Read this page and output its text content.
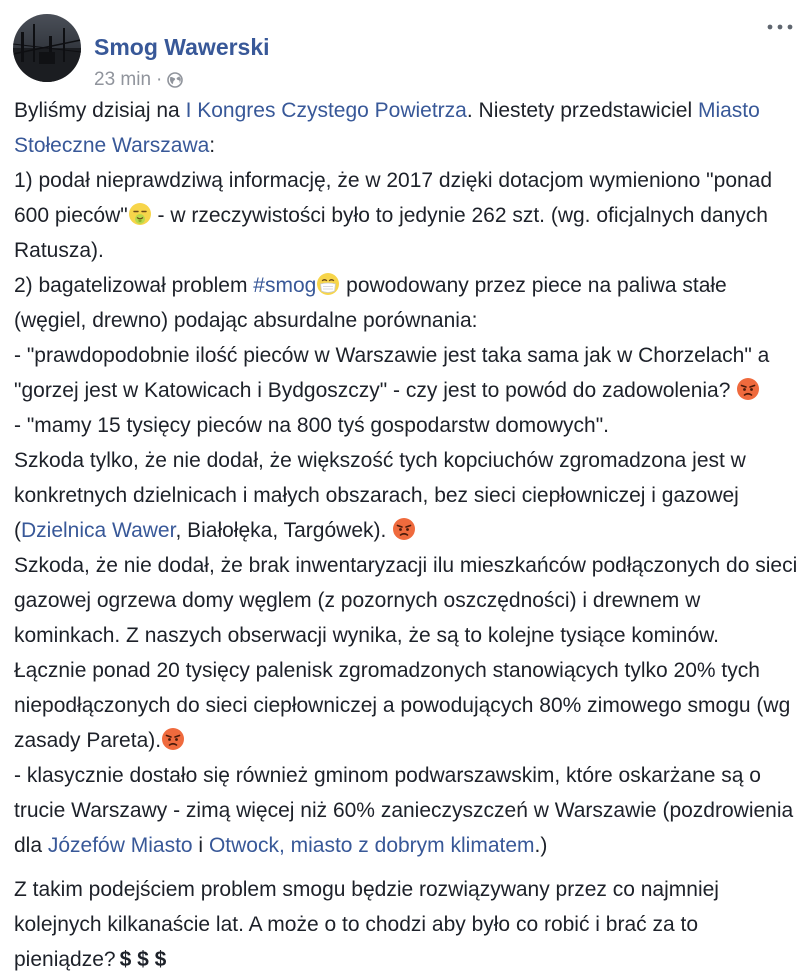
Smog Wawerski
23 min ·

Byliśmy dzisiaj na I Kongres Czystego Powietrza. Niestety przedstawiciel Miasto Stołeczne Warszawa:
1) podał nieprawdziwą informację, że w 2017 dzięki dotacjom wymieniono "ponad 600 pieców" - w rzeczywistości było to jedynie 262 szt. (wg. oficjalnych danych Ratusza).
2) bagatelizował problem #smog powodowany przez piece na paliwa stałe (węgiel, drewno) podając absurdalne porównania:
- "prawdopodobnie ilość pieców w Warszawie jest taka sama jak w Chorzelach" a "gorzej jest w Katowicach i Bydgoszczy" - czy jest to powód do zadowolenia?
- "mamy 15 tysięcy pieców na 800 tyś gospodarstw domowych".
Szkoda tylko, że nie dodał, że większość tych kopciuchów zgromadzona jest w konkretnych dzielnicach i małych obszarach, bez sieci ciepłowniczej i gazowej (Dzielnica Wawer, Białołęka, Targówek).
Szkoda, że nie dodał, że brak inwentaryzacji ilu mieszkańców podłączonych do sieci gazowej ogrzewa domy węglem (z pozornych oszczędności) i drewnem w kominkach. Z naszych obserwacji wynika, że są to kolejne tysiące kominów.
Łącznie ponad 20 tysięcy palenisk zgromadzonych stanowiących tylko 20% tych niepodłączonych do sieci ciepłowniczej a powodujących 80% zimowego smogu (wg zasady Pareta).
- klasycznie dostało się również gminom podwarszawskim, które oskarżane są o trucie Warszawy - zimą więcej niż 60% zanieczyszczeń w Warszawie (pozdrowienia dla Józefów Miasto i Otwock, miasto z dobrym klimatem.)

Z takim podejściem problem smogu będzie rozwiązywany przez co najmniej kolejnych kilkanaście lat. A może o to chodzi aby było co robić i brać za to pieniądze? $ $ $
